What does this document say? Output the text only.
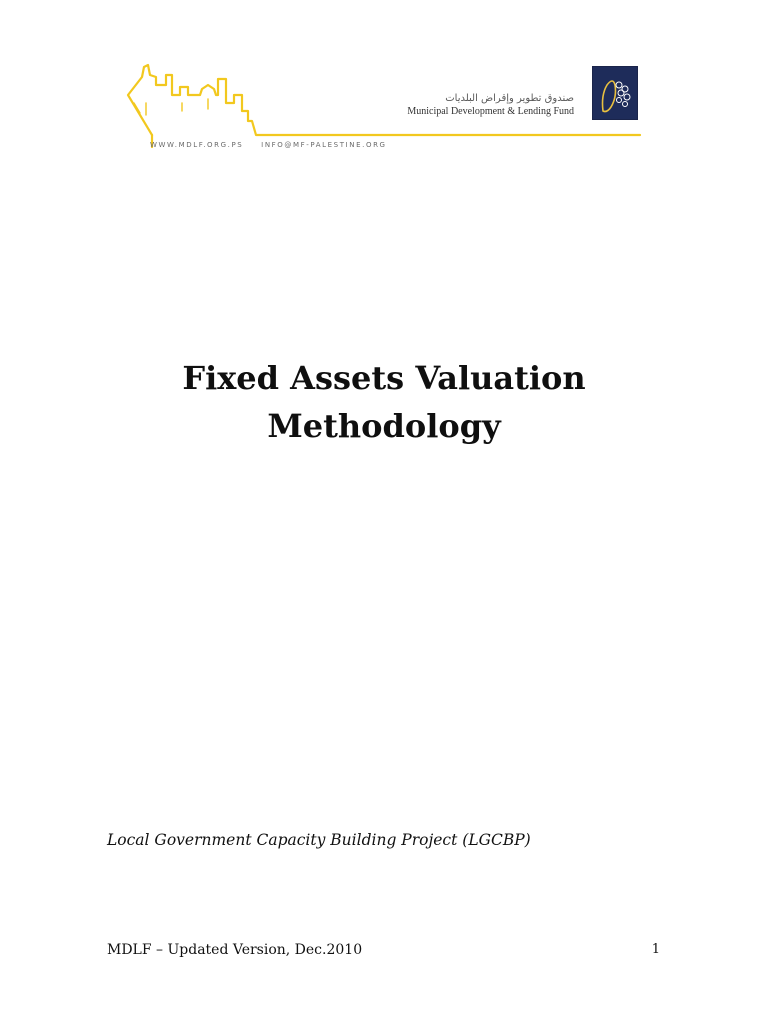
WWW.MDLF.ORG.PS	INFO@MF-PALESTINE.ORG
صندوق تطوير وإقراض البلديات
Municipal Development & Lending Fund
Fixed Assets Valuation
Methodology
Local Government Capacity Building Project (LGCBP)
MDLF – Updated Version, Dec.2010	1
